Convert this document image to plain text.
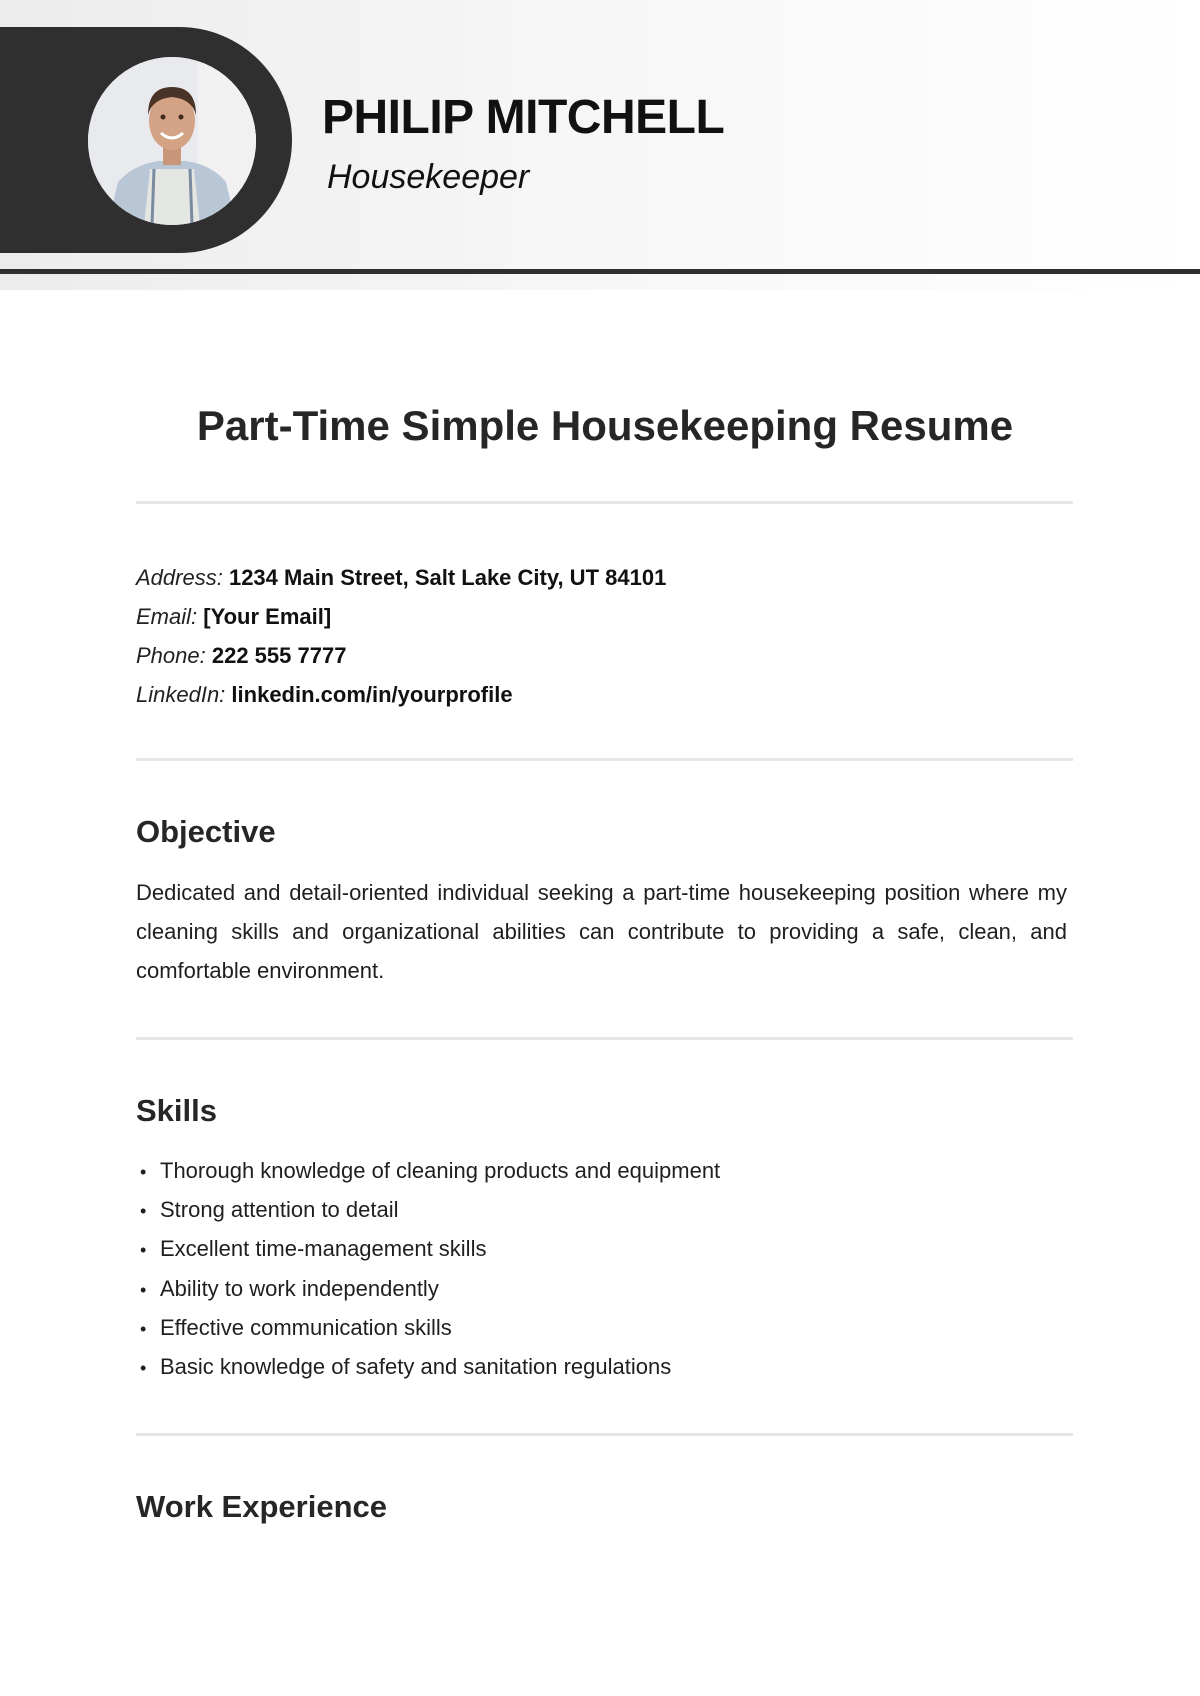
PHILIP MITCHELL

Housekeeper

Part-Time Simple Housekeeping Resume
Address: 1234 Main Street, Salt Lake City, UT 84101
Email: [Your Email]
Phone: 222 555 7777
LinkedIn: linkedin.com/in/yourprofile
Objective

Dedicated and detail-oriented individual seeking a part-time housekeeping position where my cleaning skills and organizational abilities can contribute to providing a safe, clean, and comfortable environment.

Skills
• Thorough knowledge of cleaning products and equipment
• Strong attention to detail
• Excellent time-management skills
• Ability to work independently
• Effective communication skills
• Basic knowledge of safety and sanitation regulations
Work Experience
